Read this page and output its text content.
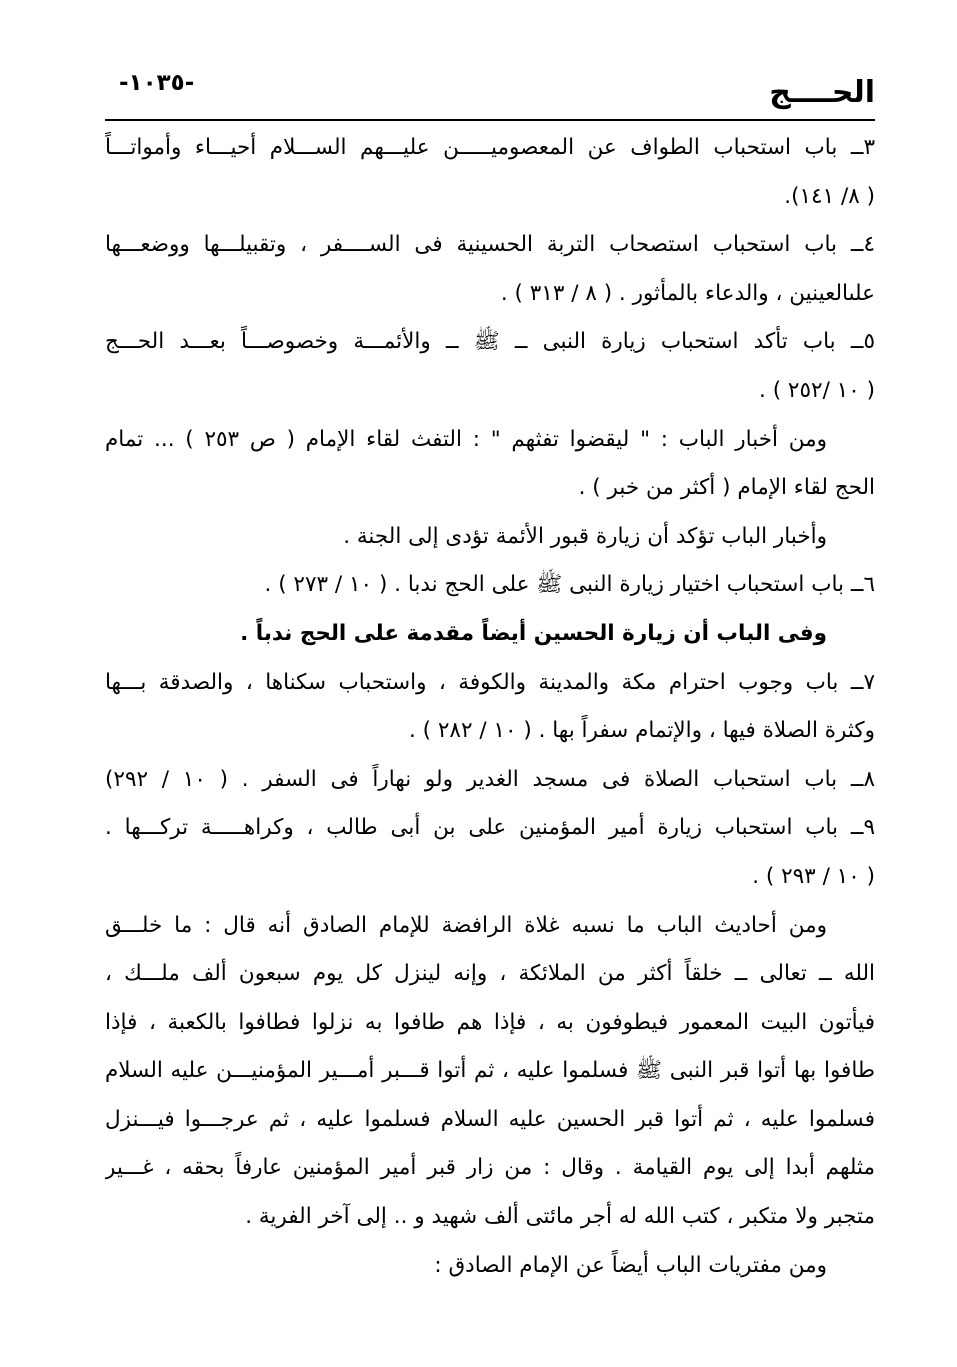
الحــــج
-١٠٣٥-
٣ــ باب استحباب الطواف عن المعصوميـــــن عليـــهم الســـلام أحيـــاء وأمواتـــاً
( ٨/ ١٤١).
٤ــ باب استحباب استصحاب التربة الحسينية فى الســــفر ، وتقبيلـــها ووضعـــها
علىالعينين ، والدعاء بالمأثور . ( ٨ / ٣١٣ ) .
٥ــ باب تأكد استحباب زيارة النبى ــ ﷺ ــ والأئمـــة وخصوصـــاً بعـــد الحـــج
( ١٠ /٢٥٢ ) .
ومن أخبار الباب : " ليقضوا تفثهم " : التفث لقاء الإمام ( ص ٢٥٣ ) ... تمام
الحج لقاء الإمام ( أكثر من خبر ) .
وأخبار الباب تؤكد أن زيارة قبور الأئمة تؤدى إلى الجنة .
٦ــ باب استحباب اختيار زيارة النبى ﷺ على الحج ندبا . ( ١٠ / ٢٧٣ ) .
وفى الباب أن زيارة الحسين أيضاً مقدمة على الحج ندباً .
٧ــ باب وجوب احترام مكة والمدينة والكوفة ، واستحباب سكناها ، والصدقة بـــها
وكثرة الصلاة فيها ، والإتمام سفراً بها . ( ١٠ / ٢٨٢ ) .
٨ــ باب استحباب الصلاة فى مسجد الغدير ولو نهاراً فى السفر . ( ١٠ / ٢٩٢)
٩ــ باب استحباب زيارة أمير المؤمنين على بن أبى طالب ، وكراهـــــة تركـــها .
( ١٠ / ٢٩٣ ) .
ومن أحاديث الباب ما نسبه غلاة الرافضة للإمام الصادق أنه قال : ما خلـــق
الله ــ تعالى ــ خلقاً أكثر من الملائكة ، وإنه لينزل كل يوم سبعون ألف ملـــك ،
فيأتون البيت المعمور فيطوفون به ، فإذا هم طافوا به نزلوا فطافوا بالكعبة ، فإذا
طافوا بها أتوا قبر النبى ﷺ فسلموا عليه ، ثم أتوا قـــبر أمـــير المؤمنيـــن عليه السلام
فسلموا عليه ، ثم أتوا قبر الحسين عليه السلام فسلموا عليه ، ثم عرجـــوا فيـــنزل
مثلهم أبدا إلى يوم القيامة . وقال : من زار قبر أمير المؤمنين عارفاً بحقه ، غـــير
متجبر ولا متكبر ، كتب الله له أجر مائتى ألف شهيد و .. إلى آخر الفرية .
ومن مفتريات الباب أيضاً عن الإمام الصادق :
